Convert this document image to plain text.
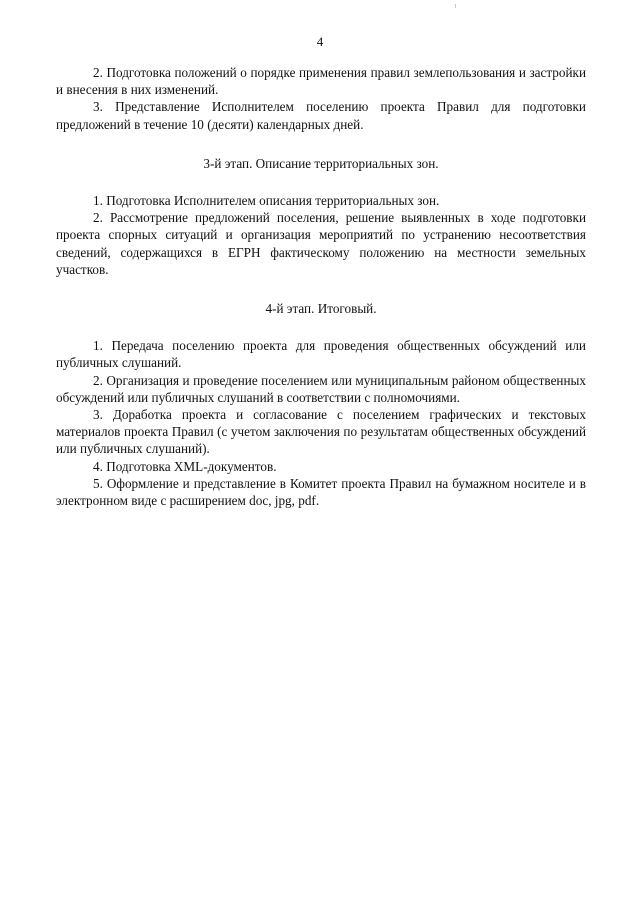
4

2. Подготовка положений о порядке применения правил землепользования и застройки и внесения в них изменений.

3. Представление Исполнителем поселению проекта Правил для подготовки предложений в течение 10 (десяти) календарных дней.

3-й этап. Описание территориальных зон.

1. Подготовка Исполнителем описания территориальных зон.

2. Рассмотрение предложений поселения, решение выявленных в ходе подготовки проекта спорных ситуаций и организация мероприятий по устранению несоответствия сведений, содержащихся в ЕГРН фактическому положению на местности земельных участков.

4-й этап. Итоговый.

1. Передача поселению проекта для проведения общественных обсуждений или публичных слушаний.

2. Организация и проведение поселением или муниципальным районом общественных обсуждений или публичных слушаний в соответствии с полномочиями.

3. Доработка проекта и согласование с поселением графических и текстовых материалов проекта Правил (с учетом заключения по результатам общественных обсуждений или публичных слушаний).

4. Подготовка XML-документов.

5. Оформление и представление в Комитет проекта Правил на бумажном носителе и в электронном виде с расширением doc, jpg, pdf.
